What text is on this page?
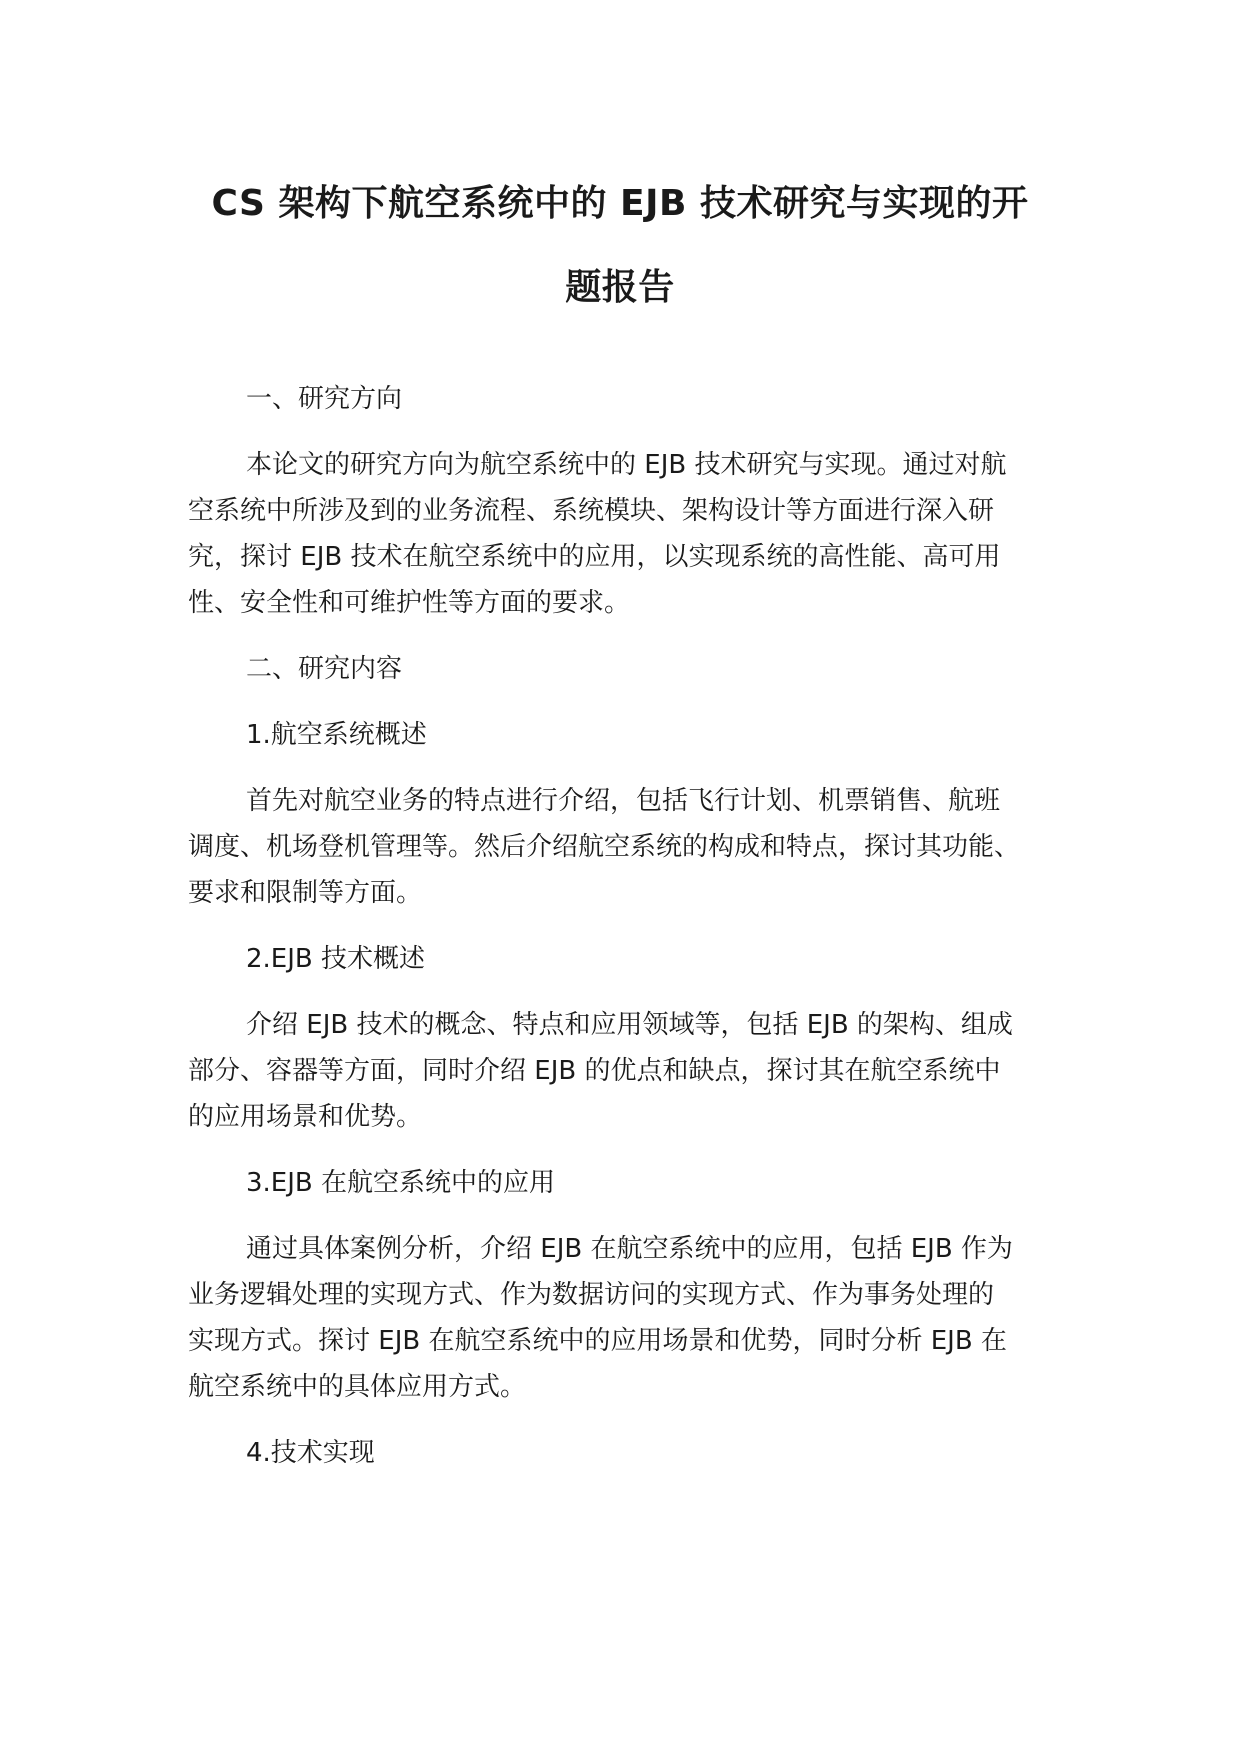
CS 架构下航空系统中的 EJB 技术研究与实现的开
题报告
一、研究方向
本论文的研究方向为航空系统中的 EJB 技术研究与实现。通过对航
空系统中所涉及到的业务流程、系统模块、架构设计等方面进行深入研
究，探讨 EJB 技术在航空系统中的应用，以实现系统的高性能、高可用
性、安全性和可维护性等方面的要求。
二、研究内容
1.航空系统概述
首先对航空业务的特点进行介绍，包括飞行计划、机票销售、航班
调度、机场登机管理等。然后介绍航空系统的构成和特点，探讨其功能、
要求和限制等方面。
2.EJB 技术概述
介绍 EJB 技术的概念、特点和应用领域等，包括 EJB 的架构、组成
部分、容器等方面，同时介绍 EJB 的优点和缺点，探讨其在航空系统中
的应用场景和优势。
3.EJB 在航空系统中的应用
通过具体案例分析，介绍 EJB 在航空系统中的应用，包括 EJB 作为
业务逻辑处理的实现方式、作为数据访问的实现方式、作为事务处理的
实现方式。探讨 EJB 在航空系统中的应用场景和优势，同时分析 EJB 在
航空系统中的具体应用方式。
4.技术实现
